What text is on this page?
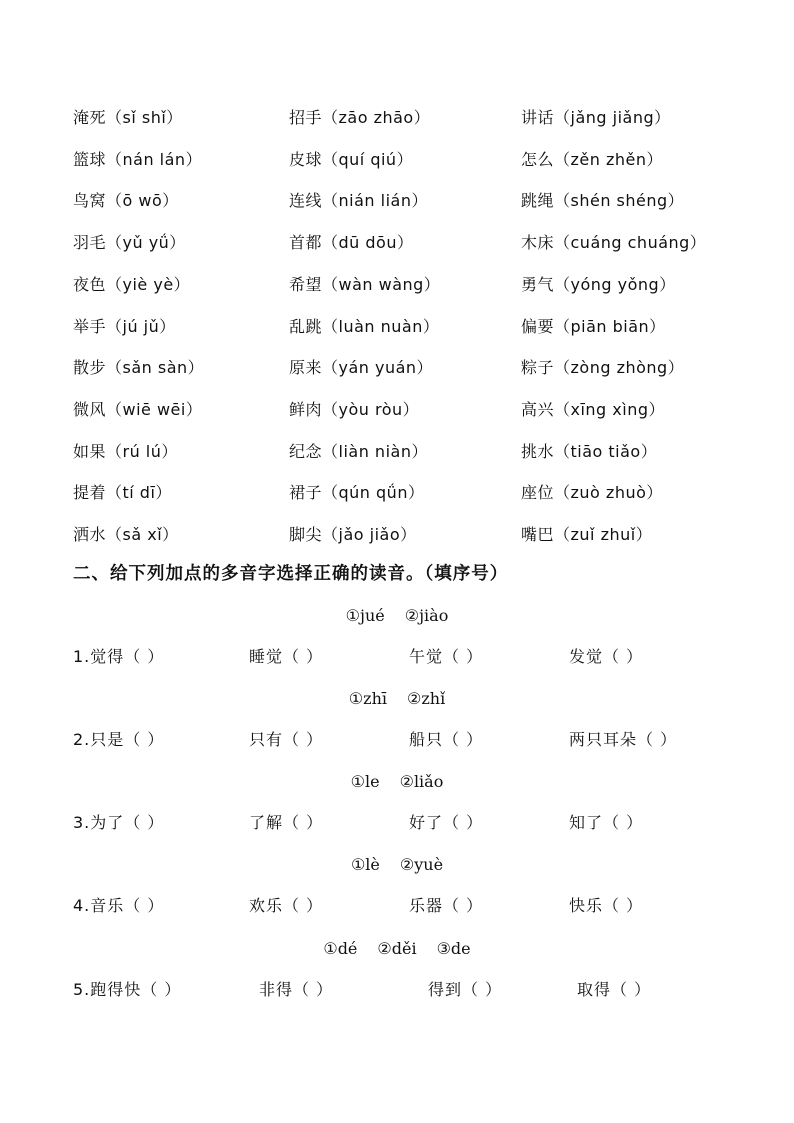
淹死（sǐ shǐ）	招手（zāo zhāo）	讲话（jǎng jiǎng）
篮球（nán lán）	皮球（quí qiú）	怎么（zěn zhěn）
鸟窝（ō wō）	连线（nián lián）	跳绳（shén shéng）
羽毛（yǔ yǘ）	首都（dū dōu）	木床（cuáng chuáng）
夜色（yiè yè）	希望（wàn wàng）	勇气（yóng yǒng）
举手（jú jǔ）	乱跳（luàn nuàn）	偏要（piān biān）
散步（sǎn sàn）	原来（yán yuán）	粽子（zòng zhòng）
微风（wiē wēi）	鲜肉（yòu ròu）	高兴（xīng xìng）
如果（rú lú）	纪念（liàn niàn）	挑水（tiāo tiǎo）
提着（tí dī）	裙子（qún qǘn）	座位（zuò zhuò）
洒水（sǎ xǐ）	脚尖（jǎo jiǎo）	嘴巴（zuǐ zhuǐ）
二、给下列加点的多音字选择正确的读音。（填序号）
①jué ②jiào
1.觉得（ ）	睡觉（ ）	午觉（ ）	发觉（ ）
①zhī ②zhǐ
2.只是（ ）	只有（ ）	船只（ ）	两只耳朵（ ）
①le ②liǎo
3.为了（ ）	了解（ ）	好了（ ）	知了（ ）
①lè ②yuè
4.音乐（ ）	欢乐（ ）	乐器（ ）	快乐（ ）
①dé ②děi ③de
5.跑得快（ ）	非得（ ）	得到（ ）	取得（ ）
